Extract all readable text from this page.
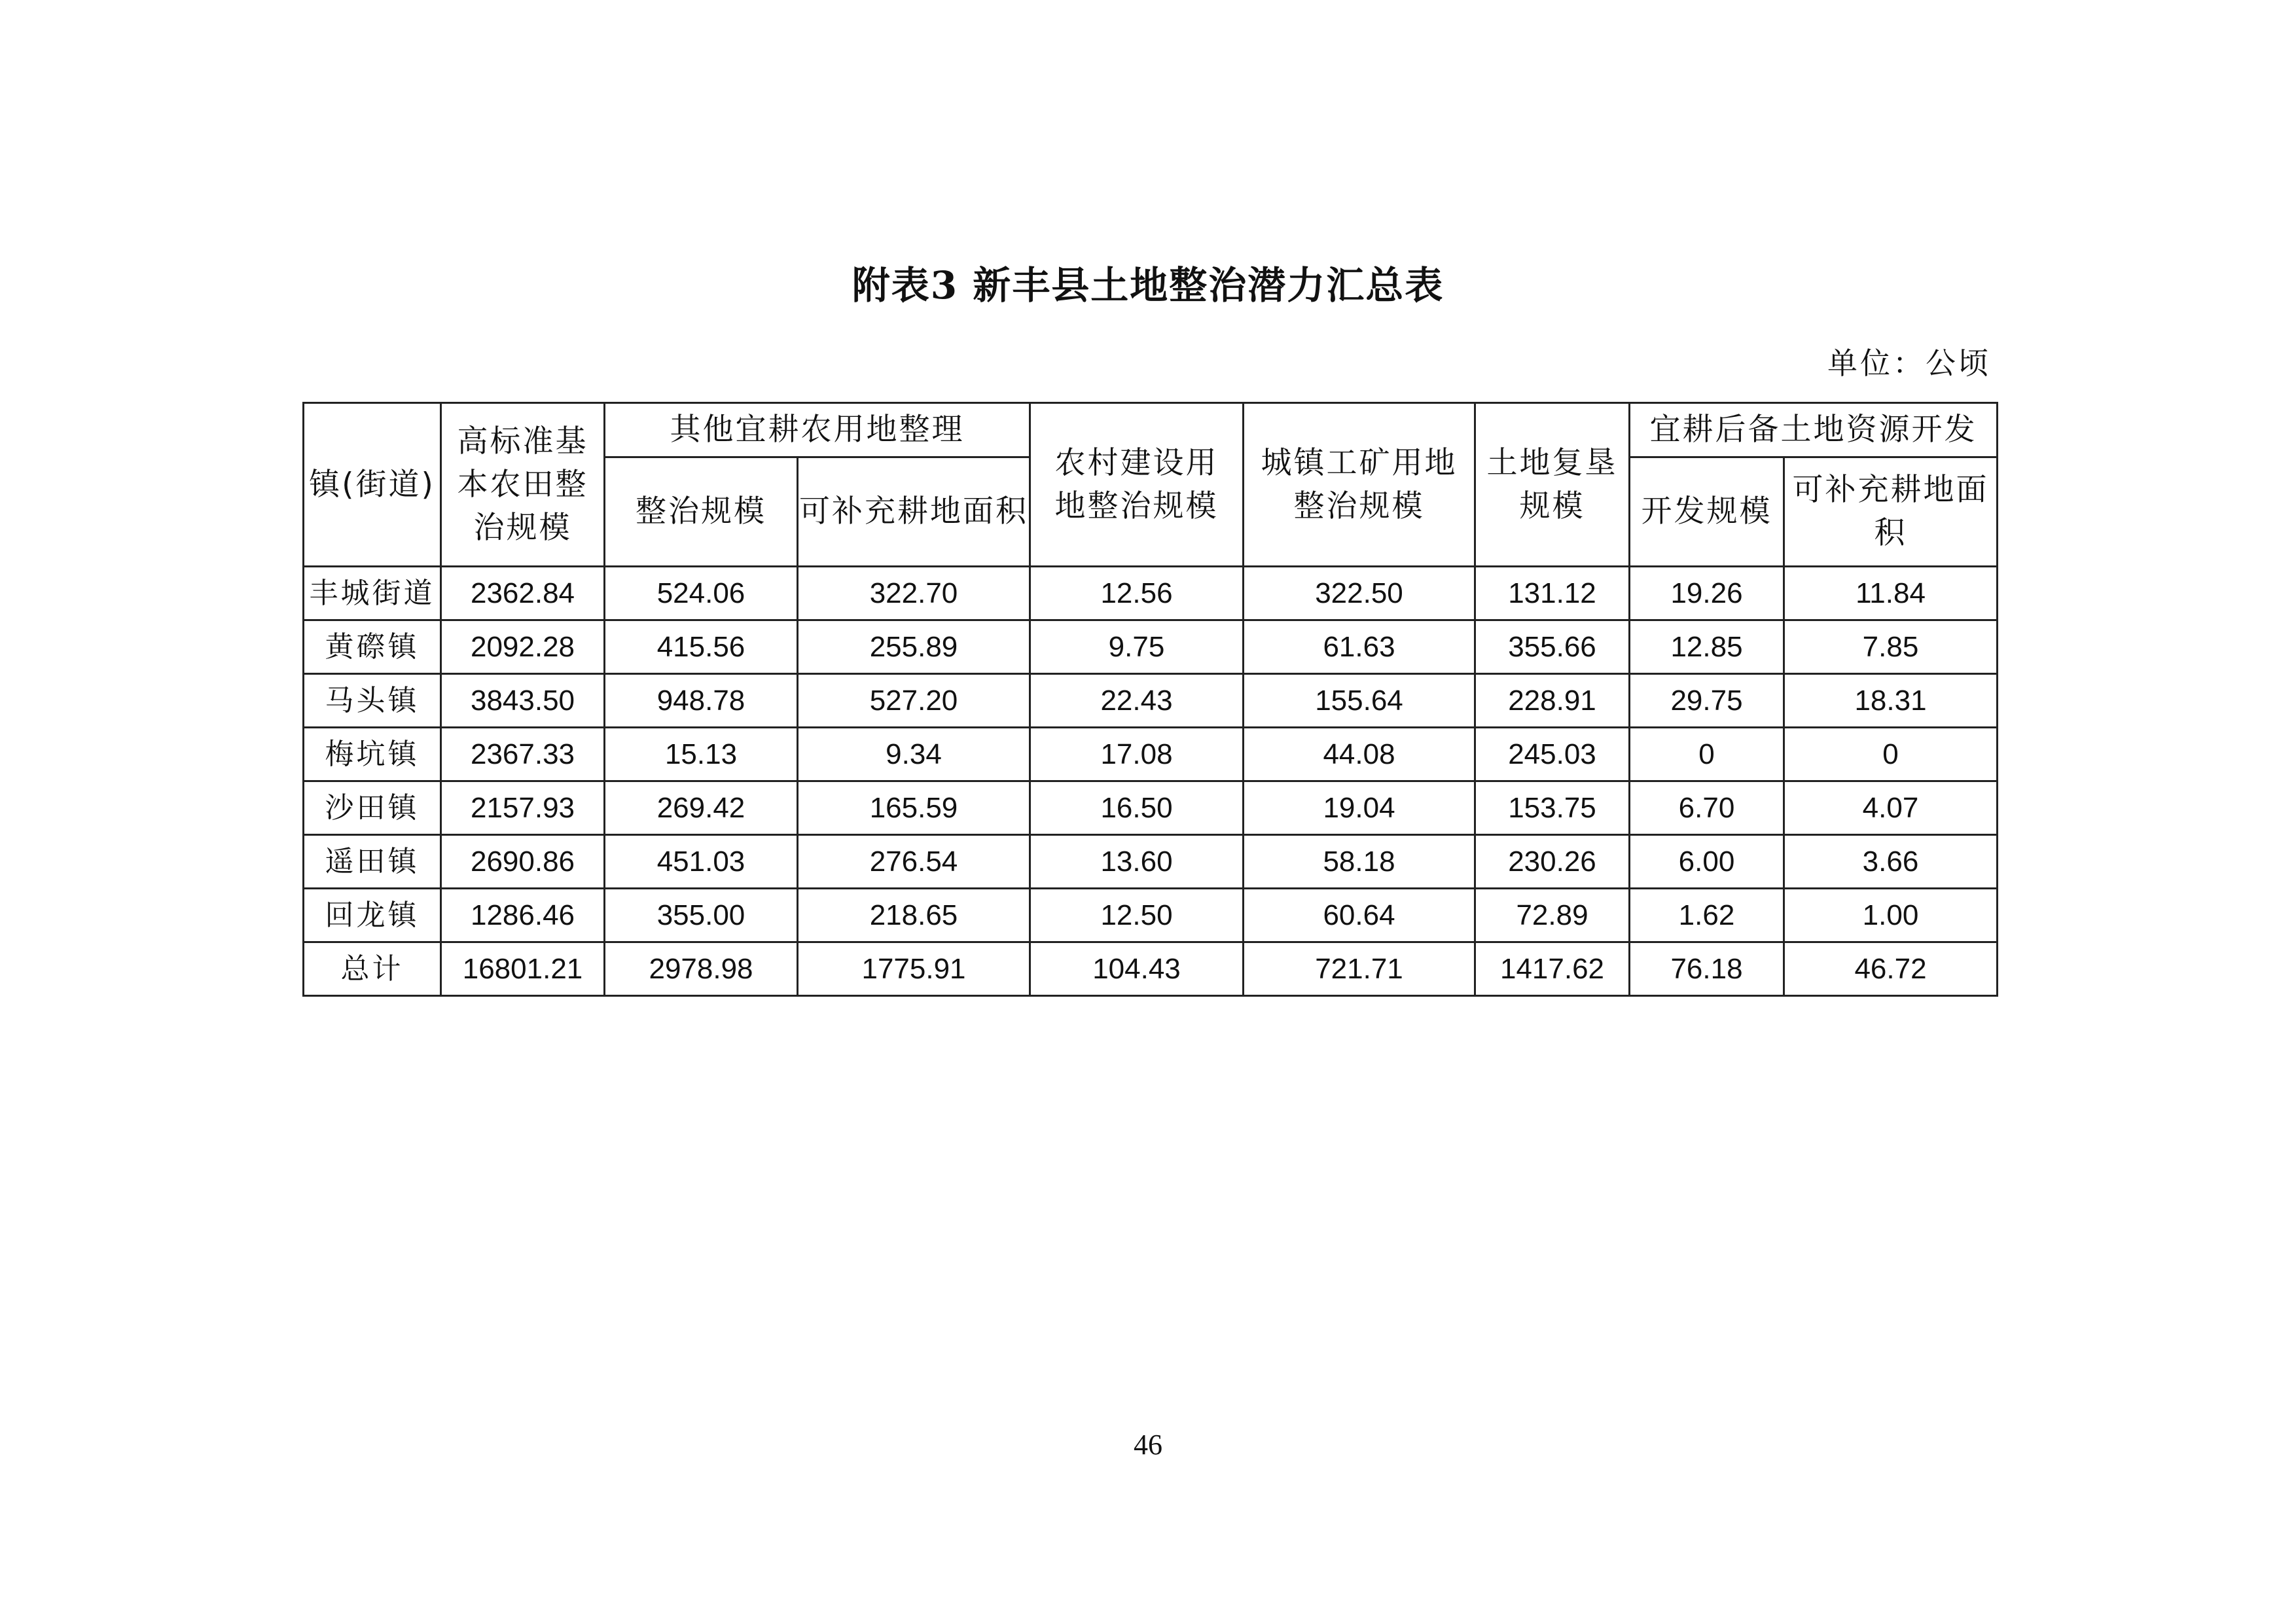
附表3 新丰县土地整治潜力汇总表
单位：公顷
镇(街道)	高标准基本农田整治规模	其他宜耕农用地整理		农村建设用地整治规模	城镇工矿用地整治规模	土地复垦规模	宜耕后备土地资源开发	
		整治规模	可补充耕地面积				开发规模	可补充耕地面积
丰城街道	2362.84	524.06	322.70	12.56	322.50	131.12	19.26	11.84
黄磜镇	2092.28	415.56	255.89	9.75	61.63	355.66	12.85	7.85
马头镇	3843.50	948.78	527.20	22.43	155.64	228.91	29.75	18.31
梅坑镇	2367.33	15.13	9.34	17.08	44.08	245.03	0	0
沙田镇	2157.93	269.42	165.59	16.50	19.04	153.75	6.70	4.07
遥田镇	2690.86	451.03	276.54	13.60	58.18	230.26	6.00	3.66
回龙镇	1286.46	355.00	218.65	12.50	60.64	72.89	1.62	1.00
总计	16801.21	2978.98	1775.91	104.43	721.71	1417.62	76.18	46.72
46
